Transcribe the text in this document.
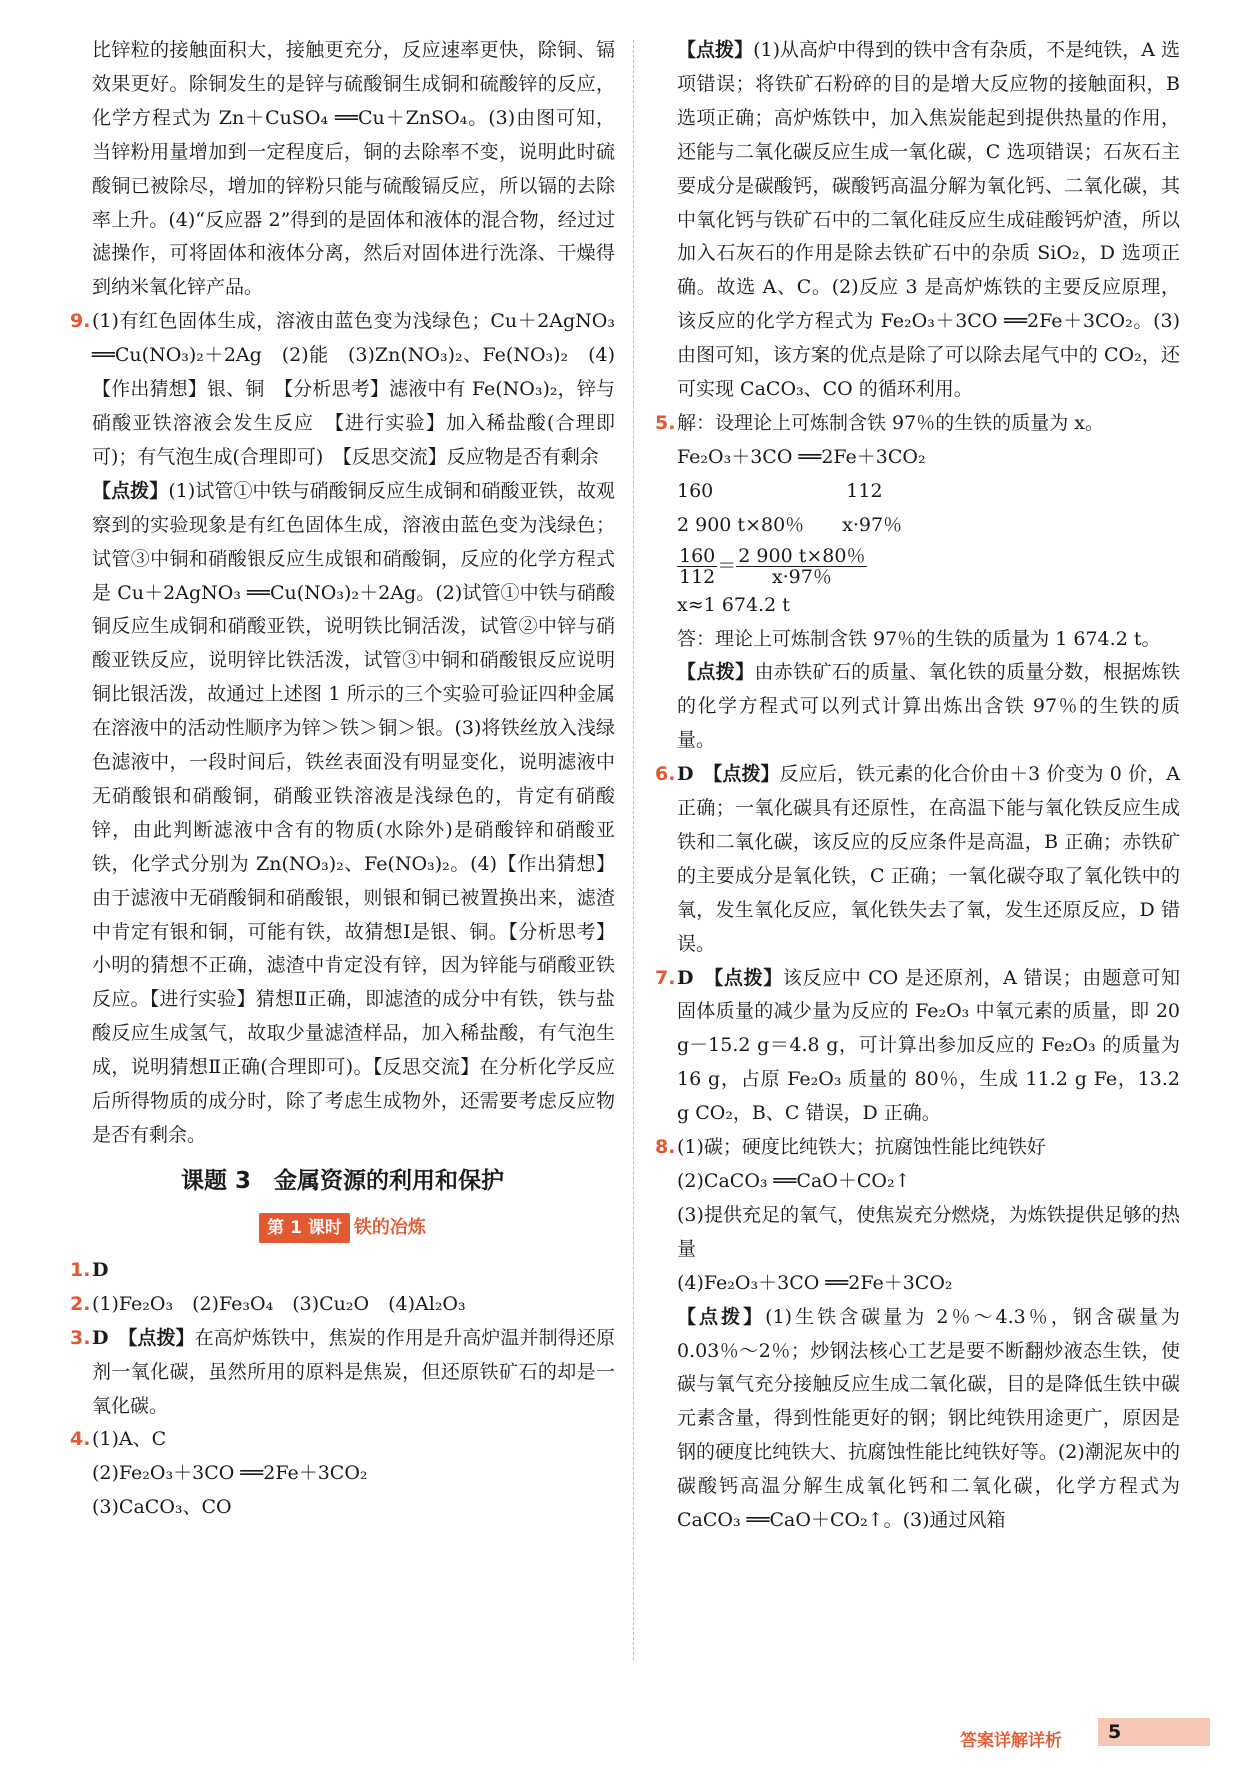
比锌粒的接触面积大，接触更充分，反应速率更快，除铜、镉效果更好。除铜发生的是锌与硫酸铜生成铜和硫酸锌的反应，化学方程式为 Zn＋CuSO₄ ══Cu＋ZnSO₄。(3)由图可知，当锌粉用量增加到一定程度后，铜的去除率不变，说明此时硫酸铜已被除尽，增加的锌粉只能与硫酸镉反应，所以镉的去除率上升。(4)“反应器 2”得到的是固体和液体的混合物，经过过滤操作，可将固体和液体分离，然后对固体进行洗涤、干燥得到纳米氧化锌产品。

9.(1)有红色固体生成，溶液由蓝色变为浅绿色；Cu＋2AgNO₃ ══Cu(NO₃)₂＋2Ag　(2)能　(3)Zn(NO₃)₂、Fe(NO₃)₂　(4)【作出猜想】银、铜　【分析思考】滤液中有 Fe(NO₃)₂，锌与硝酸亚铁溶液会发生反应　【进行实验】加入稀盐酸(合理即可)；有气泡生成(合理即可)　【反思交流】反应物是否有剩余

【点拨】(1)试管①中铁与硝酸铜反应生成铜和硝酸亚铁，故观察到的实验现象是有红色固体生成，溶液由蓝色变为浅绿色；试管③中铜和硝酸银反应生成银和硝酸铜，反应的化学方程式是 Cu＋2AgNO₃ ══Cu(NO₃)₂＋2Ag。(2)试管①中铁与硝酸铜反应生成铜和硝酸亚铁，说明铁比铜活泼，试管②中锌与硝酸亚铁反应，说明锌比铁活泼，试管③中铜和硝酸银反应说明铜比银活泼，故通过上述图 1 所示的三个实验可验证四种金属在溶液中的活动性顺序为锌＞铁＞铜＞银。(3)将铁丝放入浅绿色滤液中，一段时间后，铁丝表面没有明显变化，说明滤液中无硝酸银和硝酸铜，硝酸亚铁溶液是浅绿色的，肯定有硝酸锌，由此判断滤液中含有的物质(水除外)是硝酸锌和硝酸亚铁，化学式分别为 Zn(NO₃)₂、Fe(NO₃)₂。(4)【作出猜想】由于滤液中无硝酸铜和硝酸银，则银和铜已被置换出来，滤渣中肯定有银和铜，可能有铁，故猜想Ⅰ是银、铜。【分析思考】小明的猜想不正确，滤渣中肯定没有锌，因为锌能与硝酸亚铁反应。【进行实验】猜想Ⅱ正确，即滤渣的成分中有铁，铁与盐酸反应生成氢气，故取少量滤渣样品，加入稀盐酸，有气泡生成，说明猜想Ⅱ正确(合理即可)。【反思交流】在分析化学反应后所得物质的成分时，除了考虑生成物外，还需要考虑反应物是否有剩余。

课题 3　金属资源的利用和保护
第 1 课时 铁的冶炼

1.D

2.(1)Fe₂O₃　(2)Fe₃O₄　(3)Cu₂O　(4)Al₂O₃

3.D　 【点拨】在高炉炼铁中，焦炭的作用是升高炉温并制得还原剂一氧化碳，虽然所用的原料是焦炭，但还原铁矿石的却是一氧化碳。

4.(1)A、C

(2)Fe₂O₃＋3CO ══2Fe＋3CO₂

(3)CaCO₃、CO

【点拨】(1)从高炉中得到的铁中含有杂质，不是纯铁，A 选项错误；将铁矿石粉碎的目的是增大反应物的接触面积，B 选项正确；高炉炼铁中，加入焦炭能起到提供热量的作用，还能与二氧化碳反应生成一氧化碳，C 选项错误；石灰石主要成分是碳酸钙，碳酸钙高温分解为氧化钙、二氧化碳，其中氧化钙与铁矿石中的二氧化硅反应生成硅酸钙炉渣，所以加入石灰石的作用是除去铁矿石中的杂质 SiO₂，D 选项正确。故选 A、C。(2)反应 3 是高炉炼铁的主要反应原理，该反应的化学方程式为 Fe₂O₃＋3CO ══2Fe＋3CO₂。(3)由图可知，该方案的优点是除了可以除去尾气中的 CO₂，还可实现 CaCO₃、CO 的循环利用。

5.解：设理论上可炼制含铁 97％的生铁的质量为 x。

Fe₂O₃＋3CO ══2Fe＋3CO₂
160　　　　　　　112
2 900 t×80％　　x·97％
$\frac{160}{112} = \frac{2 900 t\times 80\%}{x\cdot 97\%}$
x≈1 674.2 t

答：理论上可炼制含铁 97％的生铁的质量为 1 674.2 t。

【点拨】由赤铁矿石的质量、氧化铁的质量分数，根据炼铁的化学方程式可以列式计算出炼出含铁 97％的生铁的质量。

6.D　 【点拨】反应后，铁元素的化合价由＋3 价变为 0 价，A 正确；一氧化碳具有还原性，在高温下能与氧化铁反应生成铁和二氧化碳，该反应的反应条件是高温，B 正确；赤铁矿的主要成分是氧化铁，C 正确；一氧化碳夺取了氧化铁中的氧，发生氧化反应，氧化铁失去了氧，发生还原反应，D 错误。

7.D　 【点拨】该反应中 CO 是还原剂，A 错误；由题意可知固体质量的减少量为反应的 Fe₂O₃ 中氧元素的质量，即 20 g－15.2 g＝4.8 g，可计算出参加反应的 Fe₂O₃ 的质量为 16 g，占原 Fe₂O₃ 质量的 80％，生成 11.2 g Fe，13.2 g CO₂，B、C 错误，D 正确。

8.(1)碳；硬度比纯铁大；抗腐蚀性能比纯铁好

(2)CaCO₃ ══CaO＋CO₂↑

(3)提供充足的氧气，使焦炭充分燃烧，为炼铁提供足够的热量

(4)Fe₂O₃＋3CO ══2Fe＋3CO₂

【点拨】(1)生铁含碳量为 2％～4.3％，钢含碳量为 0.03％～2％；炒钢法核心工艺是要不断翻炒液态生铁，使碳与氧气充分接触反应生成二氧化碳，目的是降低生铁中碳元素含量，得到性能更好的钢；钢比纯铁用途更广，原因是钢的硬度比纯铁大、抗腐蚀性能比纯铁好等。(2)潮泥灰中的碳酸钙高温分解生成氧化钙和二氧化碳，化学方程式为 CaCO₃ ══CaO＋CO₂↑。(3)通过风箱

答案详解详析	5
